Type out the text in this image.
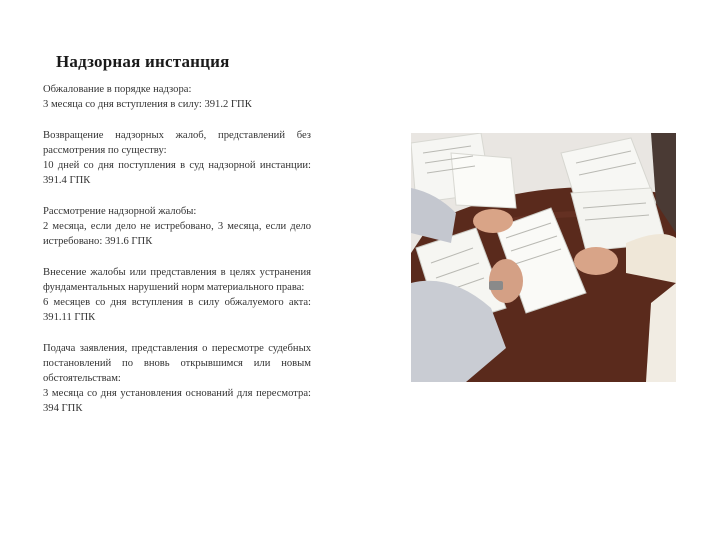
Надзорная инстанция

Обжалование в порядке надзора:

3 месяца со дня вступления в силу: 391.2 ГПК

Возвращение надзорных жалоб, представлений без рассмотрения по существу:

10 дней со дня поступления в суд надзорной инстанции: 391.4 ГПК

Рассмотрение надзорной жалобы:

2 месяца, если дело не истребовано, 3 месяца, если дело истребовано: 391.6 ГПК

Внесение жалобы или представления в целях устранения фундаментальных нарушений норм материального права:

6 месяцев со дня вступления в силу обжалуемого акта: 391.11 ГПК

Подача заявления, представления о пересмотре судебных постановлений по вновь открывшимся или новым обстоятельствам:

3 месяца со дня установления оснований для пересмотра: 394 ГПК
